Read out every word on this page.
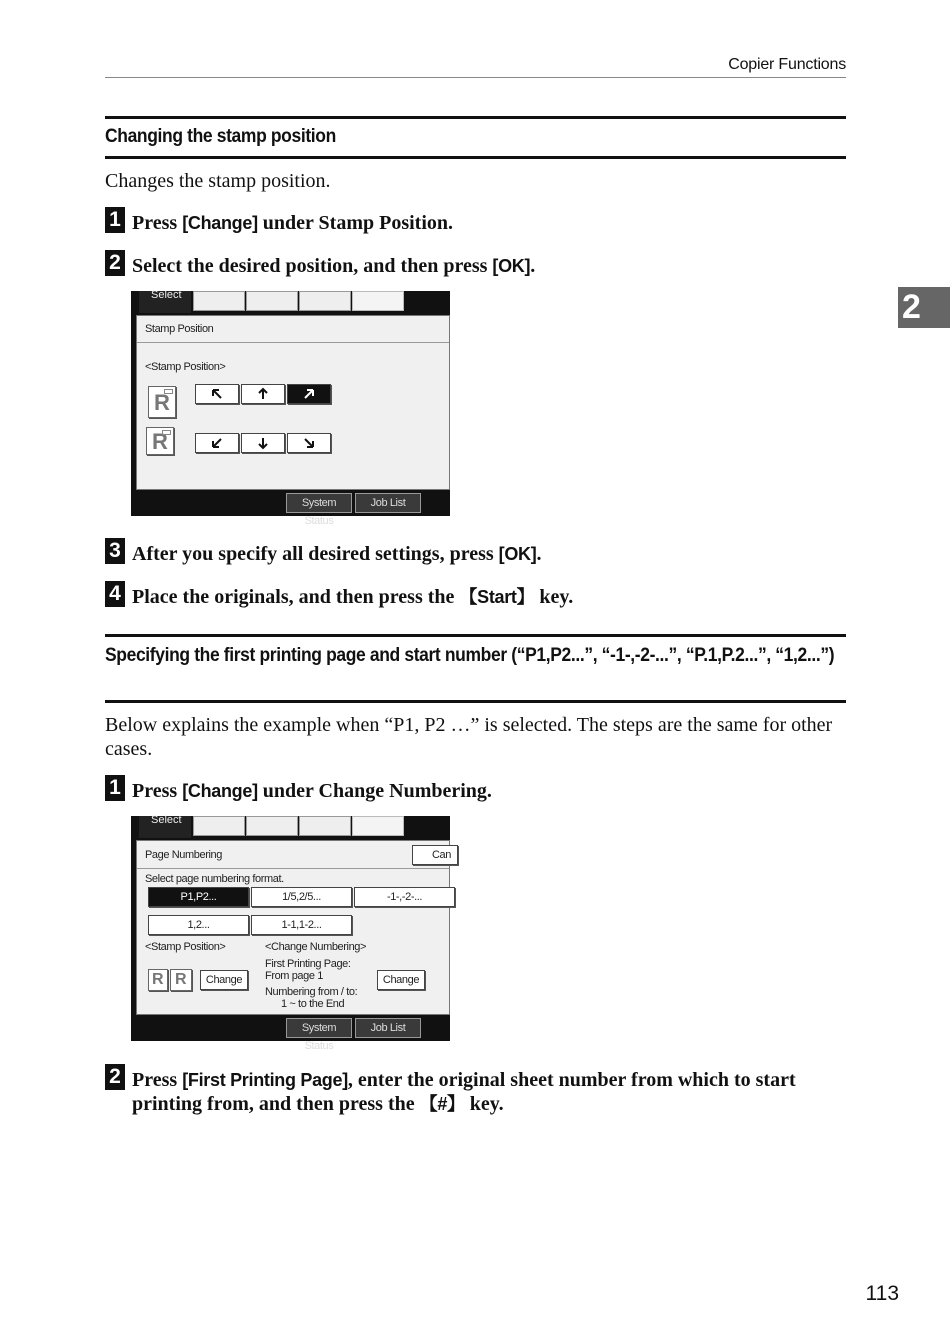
Copier Functions
2
Changing the stamp position
Changes the stamp position.
1 Press [Change] under Stamp Position.
2 Select the desired position, and then press [OK].
Select
Stamp Position
<Stamp Position>
R
R
System Status
Job List
3 After you specify all desired settings, press [OK].
4 Place the originals, and then press the 【Start】 key.
Specifying the first printing page and start number (“P1,P2...”, “-1-,-2-...”, “P.1,P.2...”, “1,2...”)
Below explains the example when “P1, P2 …” is selected. The steps are the same for other cases.
1 Press [Change] under Change Numbering.
Select
Page Numbering	Can
Select page numbering format.
P1,P2...	1/5,2/5...	-1-,-2-...
1,2...	1-1,1-2...
<Stamp Position>	<Change Numbering>
R R	Change
First Printing Page:
From page 1
Numbering from / to:
1 ~ to the End
Change
System Status
Job List
2 Press [First Printing Page], enter the original sheet number from which to start printing from, and then press the 【#】 key.
113
